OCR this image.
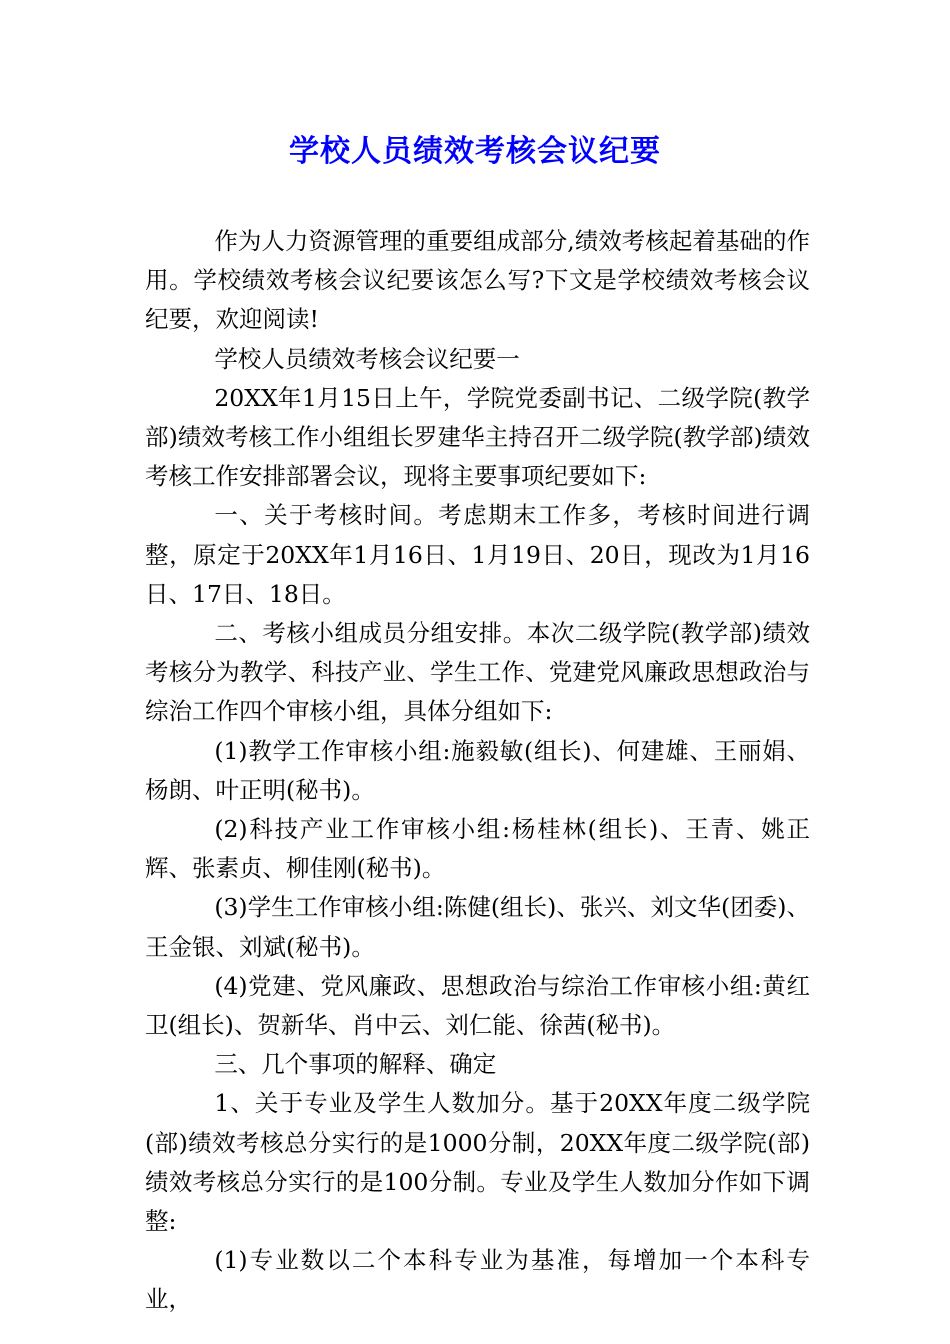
学校人员绩效考核会议纪要

作为人力资源管理的重要组成部分,绩效考核起着基础的作用。学校绩效考核会议纪要该怎么写?下文是学校绩效考核会议纪要，欢迎阅读!

学校人员绩效考核会议纪要一

20XX年1月15日上午，学院党委副书记、二级学院(教学部)绩效考核工作小组组长罗建华主持召开二级学院(教学部)绩效考核工作安排部署会议，现将主要事项纪要如下:

一、关于考核时间。考虑期末工作多，考核时间进行调整，原定于20XX年1月16日、1月19日、20日，现改为1月16日、17日、18日。

二、考核小组成员分组安排。本次二级学院(教学部)绩效考核分为教学、科技产业、学生工作、党建党风廉政思想政治与综治工作四个审核小组，具体分组如下:

(1)教学工作审核小组:施毅敏(组长)、何建雄、王丽娟、杨朗、叶正明(秘书)。

(2)科技产业工作审核小组:杨桂林(组长)、王青、姚正辉、张素贞、柳佳刚(秘书)。

(3)学生工作审核小组:陈健(组长)、张兴、刘文华(团委)、王金银、刘斌(秘书)。

(4)党建、党风廉政、思想政治与综治工作审核小组:黄红卫(组长)、贺新华、肖中云、刘仁能、徐茜(秘书)。

三、几个事项的解释、确定

1、关于专业及学生人数加分。基于20XX年度二级学院(部)绩效考核总分实行的是1000分制，20XX年度二级学院(部)绩效考核总分实行的是100分制。专业及学生人数加分作如下调整:

(1)专业数以二个本科专业为基准，每增加一个本科专业，
